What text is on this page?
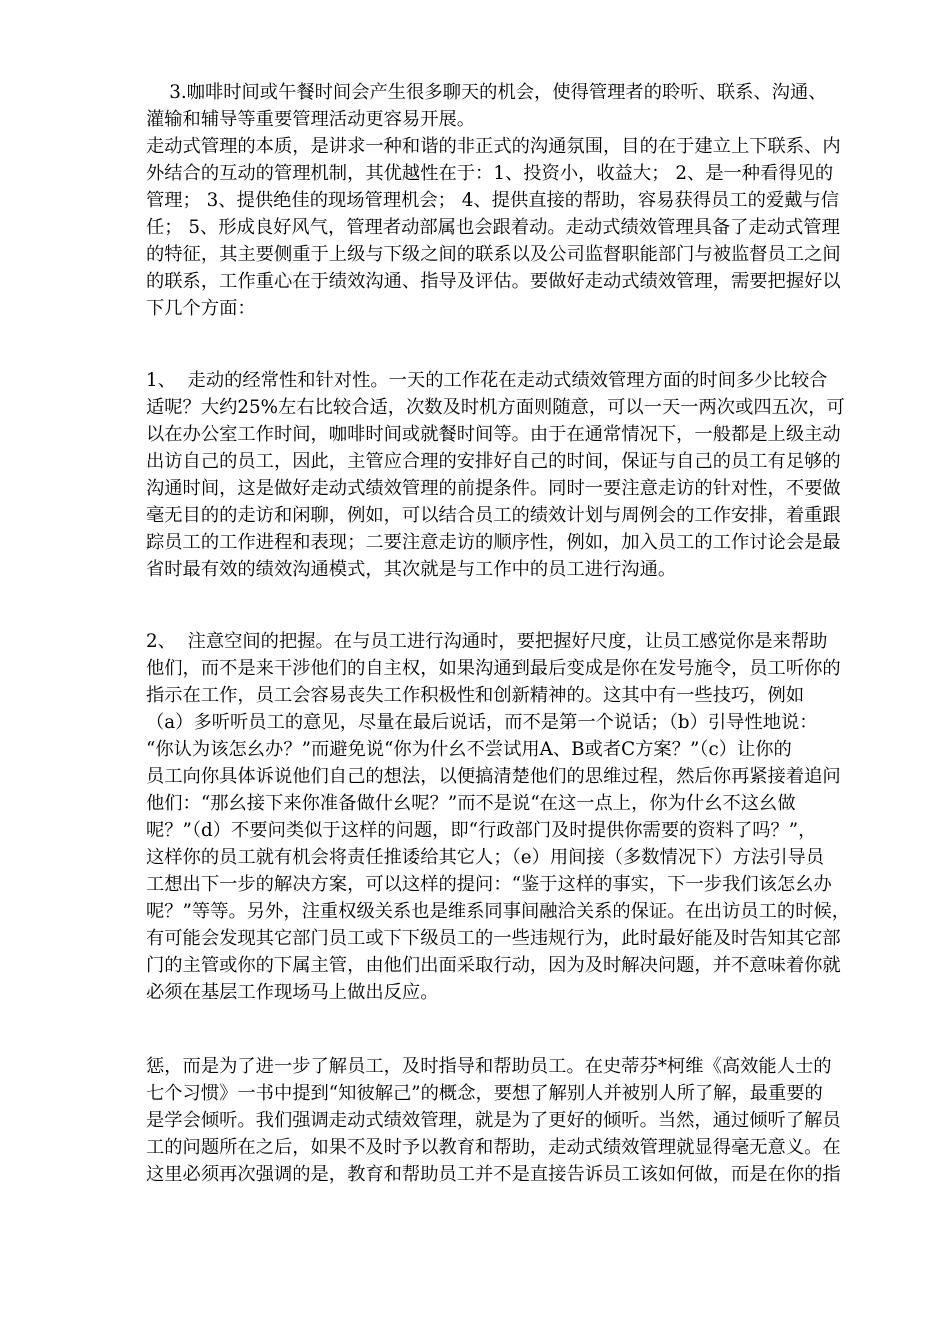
3.咖啡时间或午餐时间会产生很多聊天的机会，使得管理者的聆听、联系、沟通、
灌输和辅导等重要管理活动更容易开展。
走动式管理的本质，是讲求一种和谐的非正式的沟通氛围，目的在于建立上下联系、内
外结合的互动的管理机制，其优越性在于：1、投资小，收益大； 2、是一种看得见的
管理； 3、提供绝佳的现场管理机会； 4、提供直接的帮助，容易获得员工的爱戴与信
任； 5、形成良好风气，管理者动部属也会跟着动。走动式绩效管理具备了走动式管理
的特征，其主要侧重于上级与下级之间的联系以及公司监督职能部门与被监督员工之间
的联系，工作重心在于绩效沟通、指导及评估。要做好走动式绩效管理，需要把握好以
下几个方面：
1、  走动的经常性和针对性。一天的工作花在走动式绩效管理方面的时间多少比较合
适呢？大约25%左右比较合适，次数及时机方面则随意，可以一天一两次或四五次，可
以在办公室工作时间，咖啡时间或就餐时间等。由于在通常情况下，一般都是上级主动
出访自己的员工，因此，主管应合理的安排好自己的时间，保证与自己的员工有足够的
沟通时间，这是做好走动式绩效管理的前提条件。同时一要注意走访的针对性，不要做
毫无目的的走访和闲聊，例如，可以结合员工的绩效计划与周例会的工作安排，着重跟
踪员工的工作进程和表现；二要注意走访的顺序性，例如，加入员工的工作讨论会是最
省时最有效的绩效沟通模式，其次就是与工作中的员工进行沟通。
2、  注意空间的把握。在与员工进行沟通时，要把握好尺度，让员工感觉你是来帮助
他们，而不是来干涉他们的自主权，如果沟通到最后变成是你在发号施令，员工听你的
指示在工作，员工会容易丧失工作积极性和创新精神的。这其中有一些技巧，例如
（a）多听听员工的意见，尽量在最后说话，而不是第一个说话；（b）引导性地说：
“你认为该怎幺办？”而避免说“你为什幺不尝试用A、B或者C方案？”（c）让你的
员工向你具体诉说他们自己的想法，以便搞清楚他们的思维过程，然后你再紧接着追问
他们：“那幺接下来你准备做什幺呢？”而不是说“在这一点上，你为什幺不这幺做
呢？”（d）不要问类似于这样的问题，即“行政部门及时提供你需要的资料了吗？”，
这样你的员工就有机会将责任推诿给其它人；（e）用间接（多数情况下）方法引导员
工想出下一步的解决方案，可以这样的提问：“鉴于这样的事实，下一步我们该怎幺办
呢？”等等。另外，注重权级关系也是维系同事间融洽关系的保证。在出访员工的时候，
有可能会发现其它部门员工或下下级员工的一些违规行为，此时最好能及时告知其它部
门的主管或你的下属主管，由他们出面采取行动，因为及时解决问题，并不意味着你就
必须在基层工作现场马上做出反应。
惩，而是为了进一步了解员工，及时指导和帮助员工。在史蒂芬*柯维《高效能人士的
七个习惯》一书中提到“知彼解己”的概念，要想了解别人并被别人所了解，最重要的
是学会倾听。我们强调走动式绩效管理，就是为了更好的倾听。当然，通过倾听了解员
工的问题所在之后，如果不及时予以教育和帮助，走动式绩效管理就显得毫无意义。在
这里必须再次强调的是，教育和帮助员工并不是直接告诉员工该如何做，而是在你的指
